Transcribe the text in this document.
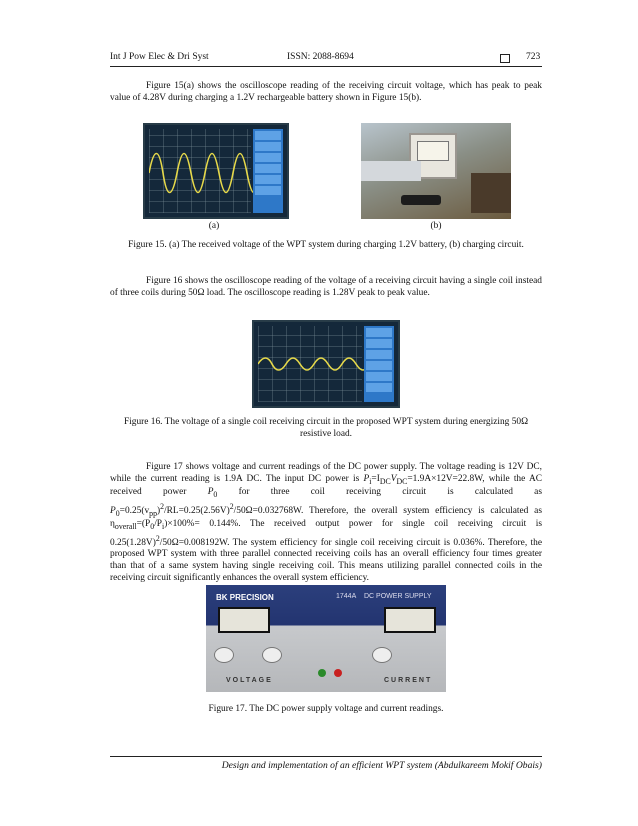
Int J Pow Elec & Dri Syst	ISSN: 2088-8694	723
Figure 15(a) shows the oscilloscope reading of the receiving circuit voltage, which has peak to peak value of 4.28V during charging a 1.2V rechargeable battery shown in Figure 15(b).
(a)	(b)
Figure 15. (a) The received voltage of the WPT system during charging 1.2V battery, (b) charging circuit.
Figure 16 shows the oscilloscope reading of the voltage of a receiving circuit having a single coil instead of three coils during 50Ω load. The oscilloscope reading is 1.28V peak to peak value.
Figure 16. The voltage of a single coil receiving circuit in the proposed WPT system during energizing 50Ω resistive load.
Figure 17 shows voltage and current readings of the DC power supply. The voltage reading is 12V DC, while the current reading is 1.9A DC. The input DC power is $P_i=I_{DC}V_{DC}=1.9A\times 12V=22.8W$, while the AC received power $P_0$ for three coil receiving circuit is calculated as $P_0=0.25(v_{pp})^2/RL=0.25(2.56V)^2/50\Omega=0.032768W$. Therefore, the overall system efficiency is calculated as $\eta_{overall}=(P_0/P_i)\times 100\%= 0.144\%$. The received output power for single coil receiving circuit is $0.25(1.28V)^2/50\Omega=0.008192W$. The system efficiency for single coil receiving circuit is 0.036%. Therefore, the proposed WPT system with three parallel connected receiving coils has an overall efficiency four times greater than that of a same system having single receiving coil. This means utilizing parallel connected coils in the receiving circuit significantly enhances the overall system efficiency.
BK PRECISION	1744A DC POWER SUPPLY
VOLTAGE	CURRENT
Figure 17. The DC power supply voltage and current readings.
Design and implementation of an efficient WPT system (Abdulkareem Mokif Obais)
